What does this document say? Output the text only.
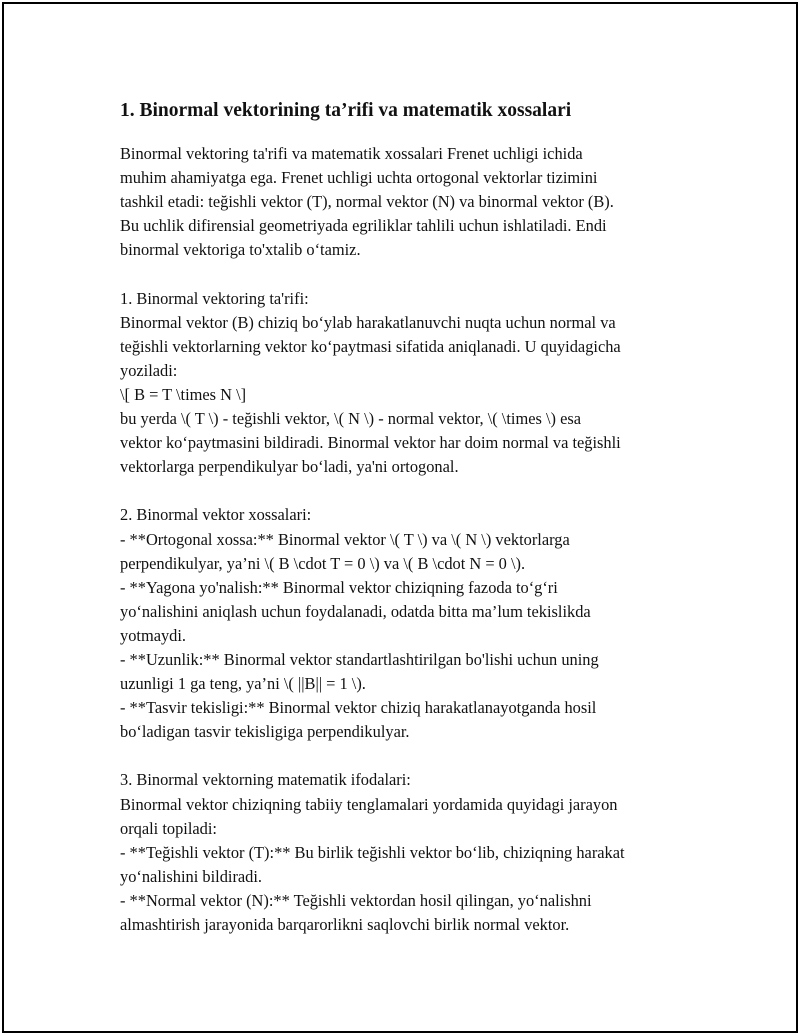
1. Binormal vektorining ta’rifi va matematik xossalari

Binormal vektoring ta'rifi va matematik xossalari Frenet uchligi ichida
muhim ahamiyatga ega. Frenet uchligi uchta ortogonal vektorlar tizimini
tashkil etadi: teğishli vektor (T), normal vektor (N) va binormal vektor (B).
Bu uchlik difirensial geometriyada egriliklar tahlili uchun ishlatiladi. Endi
binormal vektoriga to'xtalib o‘tamiz.

1. Binormal vektoring ta'rifi:
Binormal vektor (B) chiziq bo‘ylab harakatlanuvchi nuqta uchun normal va
teğishli vektorlarning vektor ko‘paytmasi sifatida aniqlanadi. U quyidagicha
yoziladi:
\[ B = T \times N \]
bu yerda \( T \) - teğishli vektor, \( N \) - normal vektor, \( \times \) esa
vektor ko‘paytmasini bildiradi. Binormal vektor har doim normal va teğishli
vektorlarga perpendikulyar bo‘ladi, ya'ni ortogonal.

2. Binormal vektor xossalari:
- **Ortogonal xossa:** Binormal vektor \( T \) va \( N \) vektorlarga
perpendikulyar, ya’ni \( B \cdot T = 0 \) va \( B \cdot N = 0 \).
- **Yagona yo'nalish:** Binormal vektor chiziqning fazoda to‘g‘ri
yo‘nalishini aniqlash uchun foydalanadi, odatda bitta ma’lum tekislikda
yotmaydi.
- **Uzunlik:** Binormal vektor standartlashtirilgan bo'lishi uchun uning
uzunligi 1 ga teng, ya’ni \( ||B|| = 1 \).
- **Tasvir tekisligi:** Binormal vektor chiziq harakatlanayotganda hosil
bo‘ladigan tasvir tekisligiga perpendikulyar.

3. Binormal vektorning matematik ifodalari:
Binormal vektor chiziqning tabiiy tenglamalari yordamida quyidagi jarayon
orqali topiladi:
- **Teğishli vektor (T):** Bu birlik teğishli vektor bo‘lib, chiziqning harakat
yo‘nalishini bildiradi.
- **Normal vektor (N):** Teğishli vektordan hosil qilingan, yo‘nalishni
almashtirish jarayonida barqarorlikni saqlovchi birlik normal vektor.
